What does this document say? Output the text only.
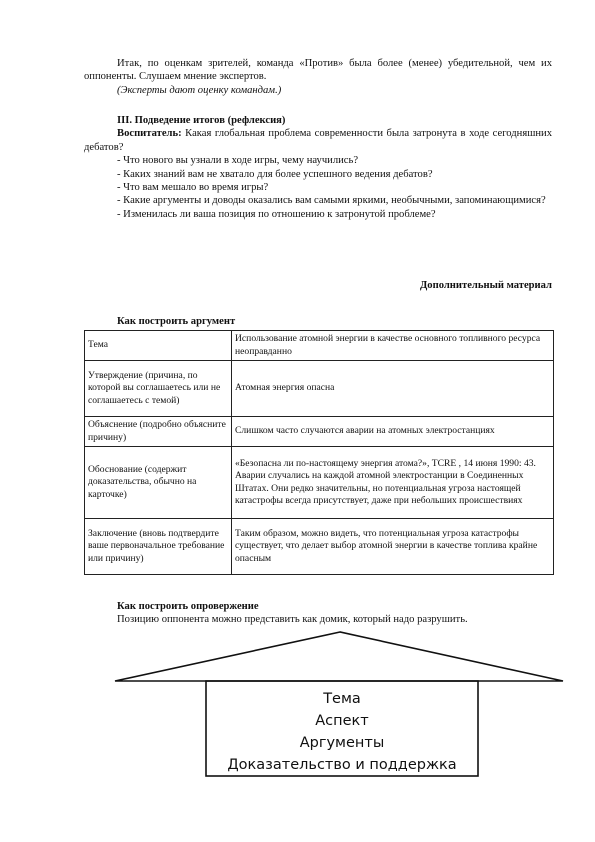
Итак, по оценкам зрителей, команда «Против» была более (менее) убедительной, чем их оппоненты. Слушаем мнение экспертов.

(Эксперты дают оценку командам.)

III. Подведение итогов (рефлексия)

Воспитатель: Какая глобальная проблема современности была затронута в ходе сегодняшних дебатов?

- Что нового вы узнали в ходе игры, чему научились?

- Каких знаний вам не хватало для более успешного ведения дебатов?

- Что вам мешало во время игры?

- Какие аргументы и доводы оказались вам самыми яркими, необычными, запоминающимися?

- Изменилась ли ваша позиция по отношению к затронутой проблеме?

Дополнительный материал
Как построить аргумент
Тема	Использование атомной энергии в качестве основного топливного ресурса неоправданно
Утверждение (причина, по которой вы соглашаетесь или не соглашаетесь с темой)	Атомная энергия опасна
Объяснение (подробно объясните причину)	Слишком часто случаются аварии на атомных электростанциях
Обоснование (содержит доказательства, обычно на карточке)	«Безопасна ли по-настоящему энергия атома?», TCRE , 14 июня 1990: 43. Аварии случались на каждой атомной электростанции в Соединенных Штатах. Они редко значительны, но потенциальная угроза настоящей катастрофы всегда присутствует, даже при небольших происшествиях
Заключение (вновь подтвердите ваше первоначальное требование или причину)	Таким образом, можно видеть, что потенциальная угроза катастрофы существует, что делает выбор атомной энергии в качестве топлива крайне опасным

Как построить опровержение

Позицию оппонента можно представить как домик, который надо разрушить.

Тема
Аспект
Аргументы
Доказательство и поддержка
